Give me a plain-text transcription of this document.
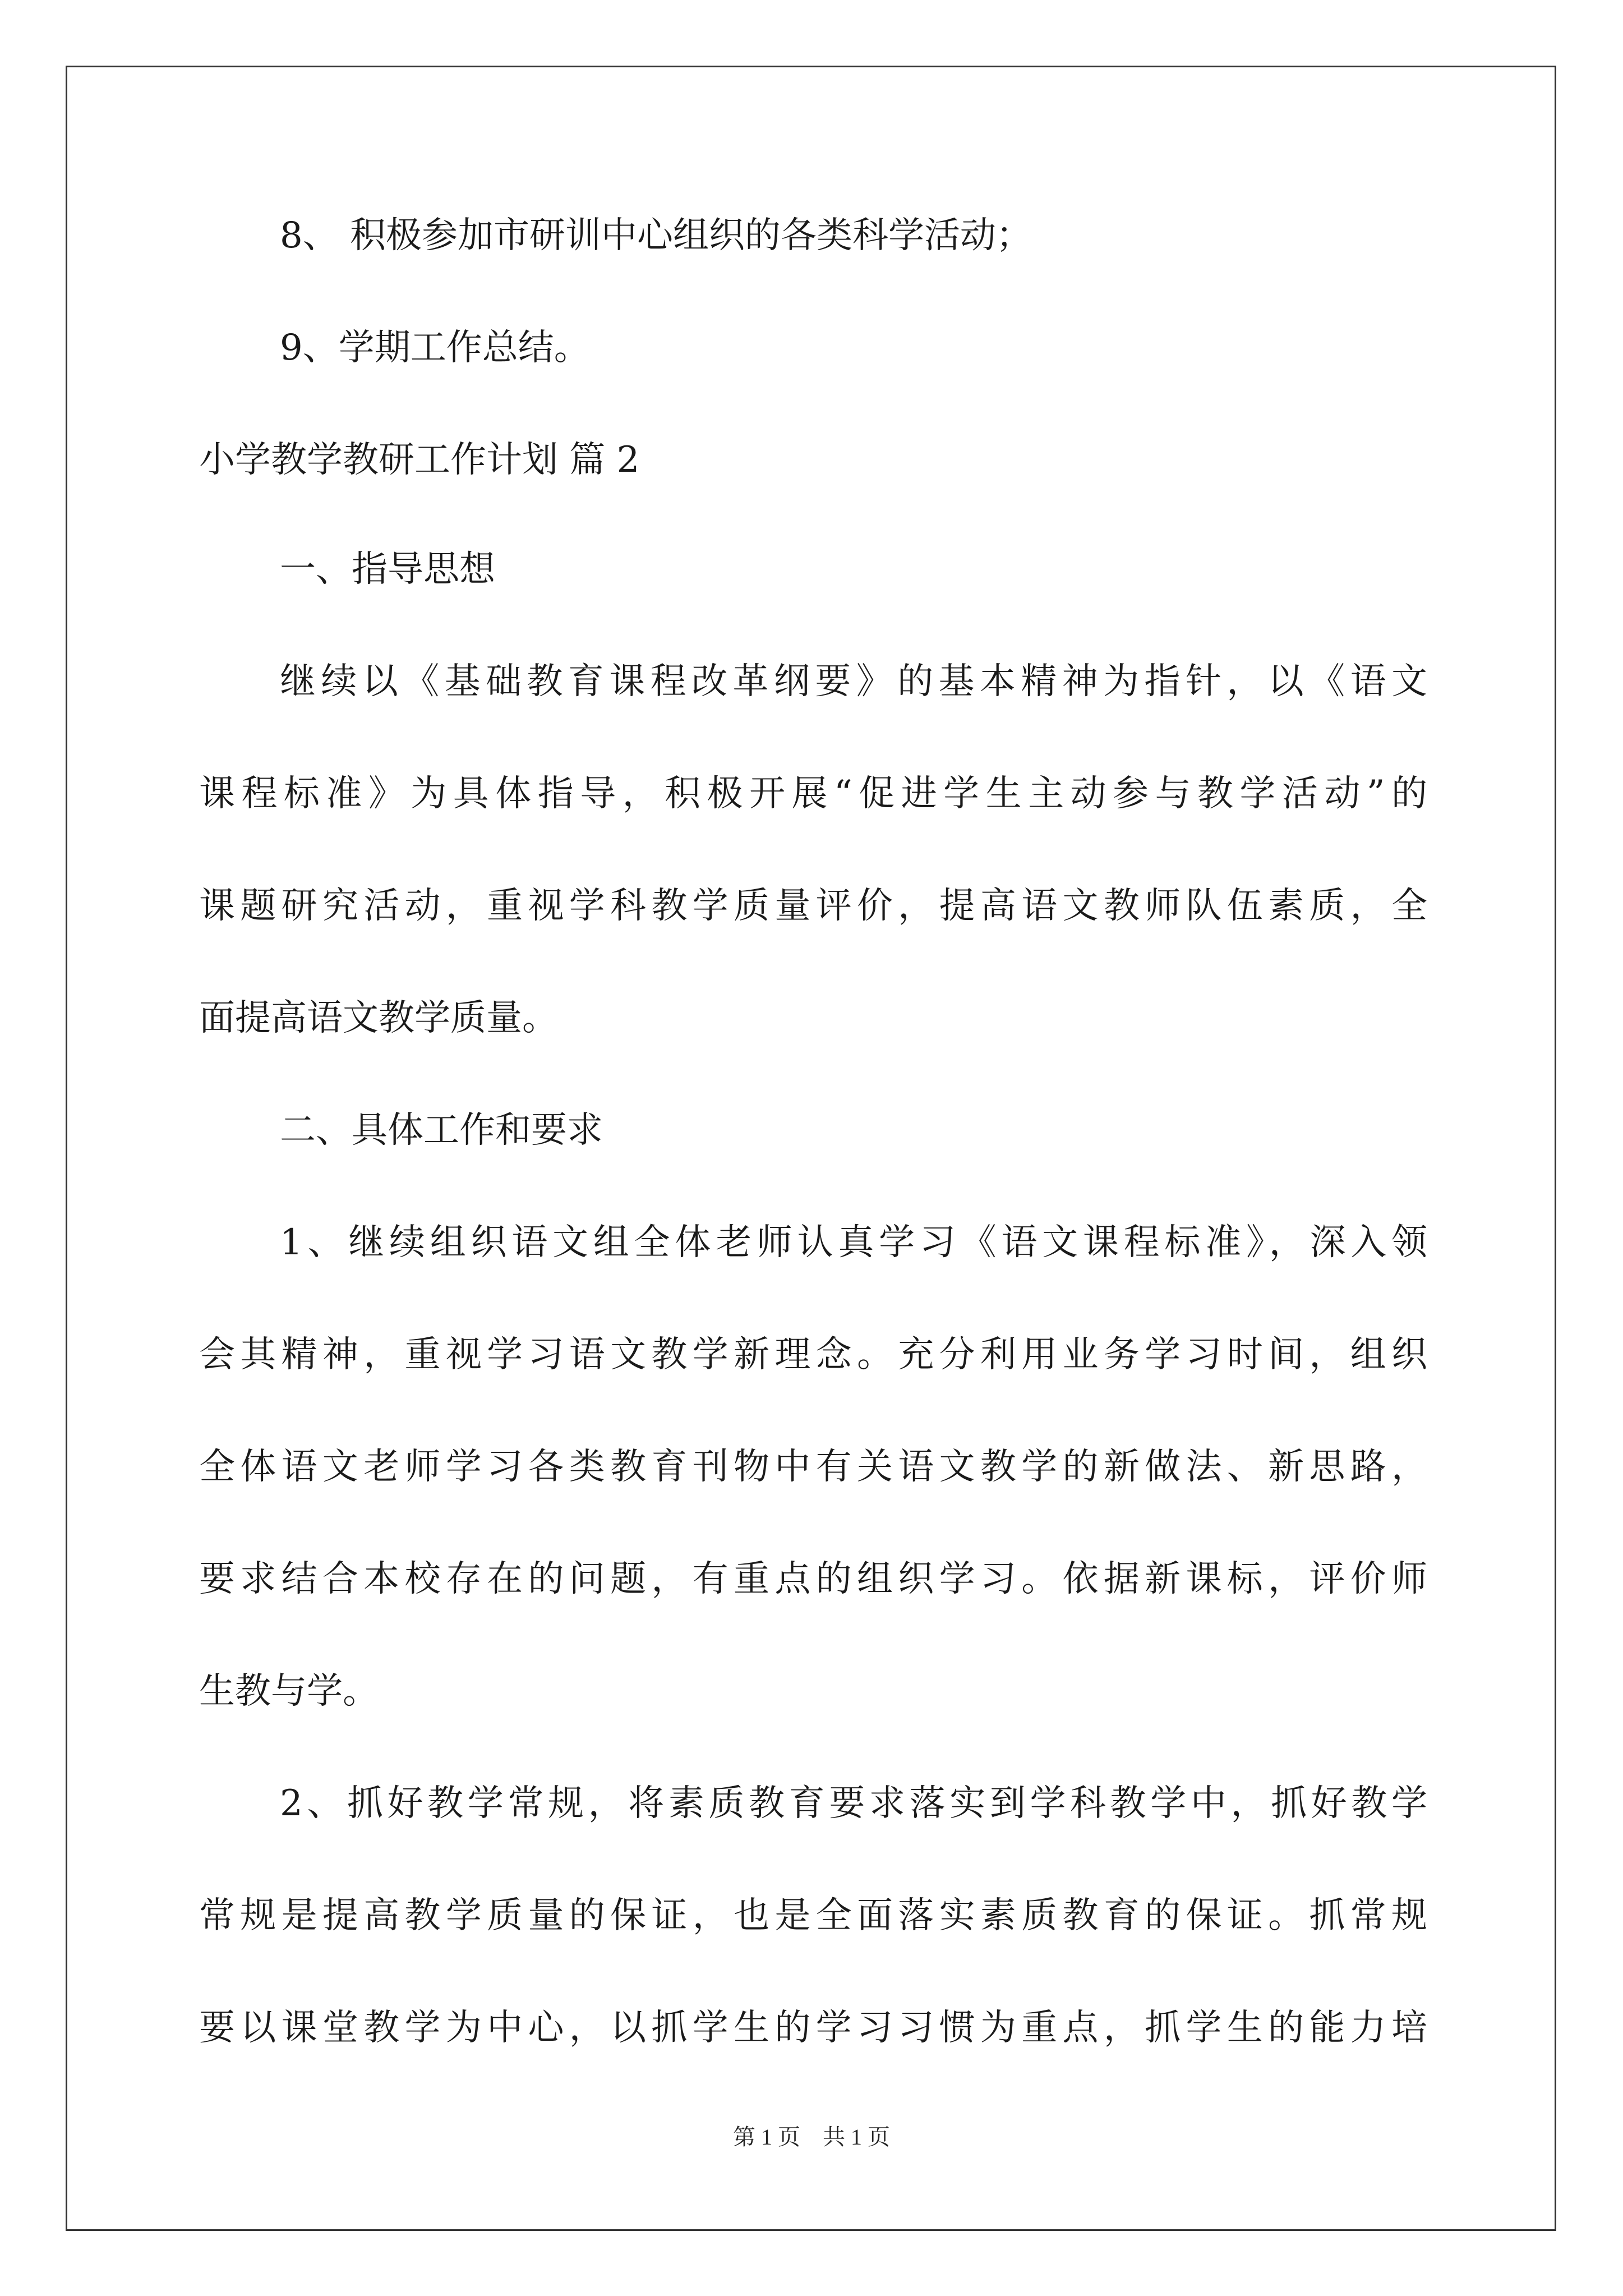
8、 积极参加市研训中心组织的各类科学活动；
9、学期工作总结。
小学教学教研工作计划 篇 2
一、指导思想
继续以《基础教育课程改革纲要》的基本精神为指针，以《语文
课程标准》为具体指导，积极开展“促进学生主动参与教学活动”的
课题研究活动，重视学科教学质量评价，提高语文教师队伍素质，全
面提高语文教学质量。
二、具体工作和要求
1、继续组织语文组全体老师认真学习《语文课程标准》，深入领
会其精神，重视学习语文教学新理念。充分利用业务学习时间，组织
全体语文老师学习各类教育刊物中有关语文教学的新做法、新思路，
要求结合本校存在的问题，有重点的组织学习。依据新课标，评价师
生教与学。
2、抓好教学常规，将素质教育要求落实到学科教学中，抓好教学
常规是提高教学质量的保证，也是全面落实素质教育的保证。抓常规
要以课堂教学为中心，以抓学生的学习习惯为重点，抓学生的能力培
第 1 页　共 1 页
